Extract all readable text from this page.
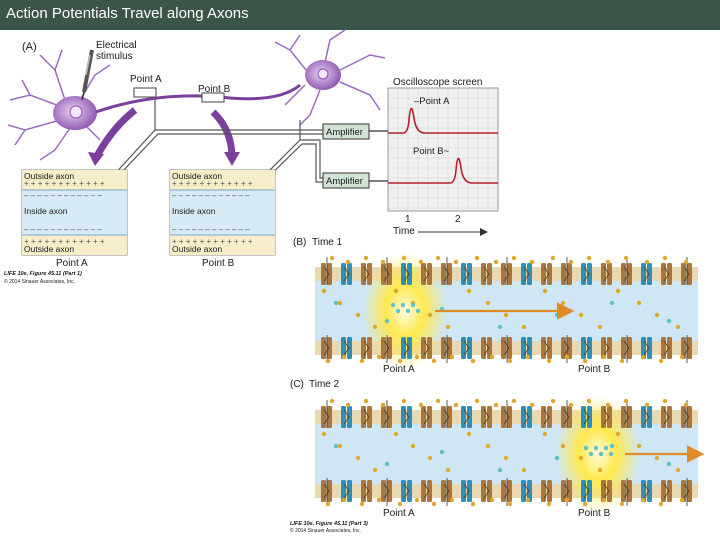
Action Potentials Travel along Axons
(A)	Electrical
stimulus
Point A
Point B
+ + + + + + + + + + + +
– – – – – – – – – – – –
– – – – – – – – – – – –
+ + + + + + + + + + + +
Outside axon
Inside axon
Outside axon
Point A
+ + + + + + + + + + + +
– – – – – – – – – – – –
– – – – – – – – – – – –
+ + + + + + + + + + + +
Outside axon
Inside axon
Outside axon
Point B
LIFE 10e, Figure 45.11 (Part 1)
© 2014 Sinauer Associates, Inc.
Oscilloscope screen
–Point A
Point B~
Amplifier
Amplifier
1	2
Time
(B) Time 1
Point A	Point B
(C) Time 2
Point A	Point B
LIFE 10e, Figure 45.11 (Part 3)
© 2014 Sinauer Associates, Inc.
